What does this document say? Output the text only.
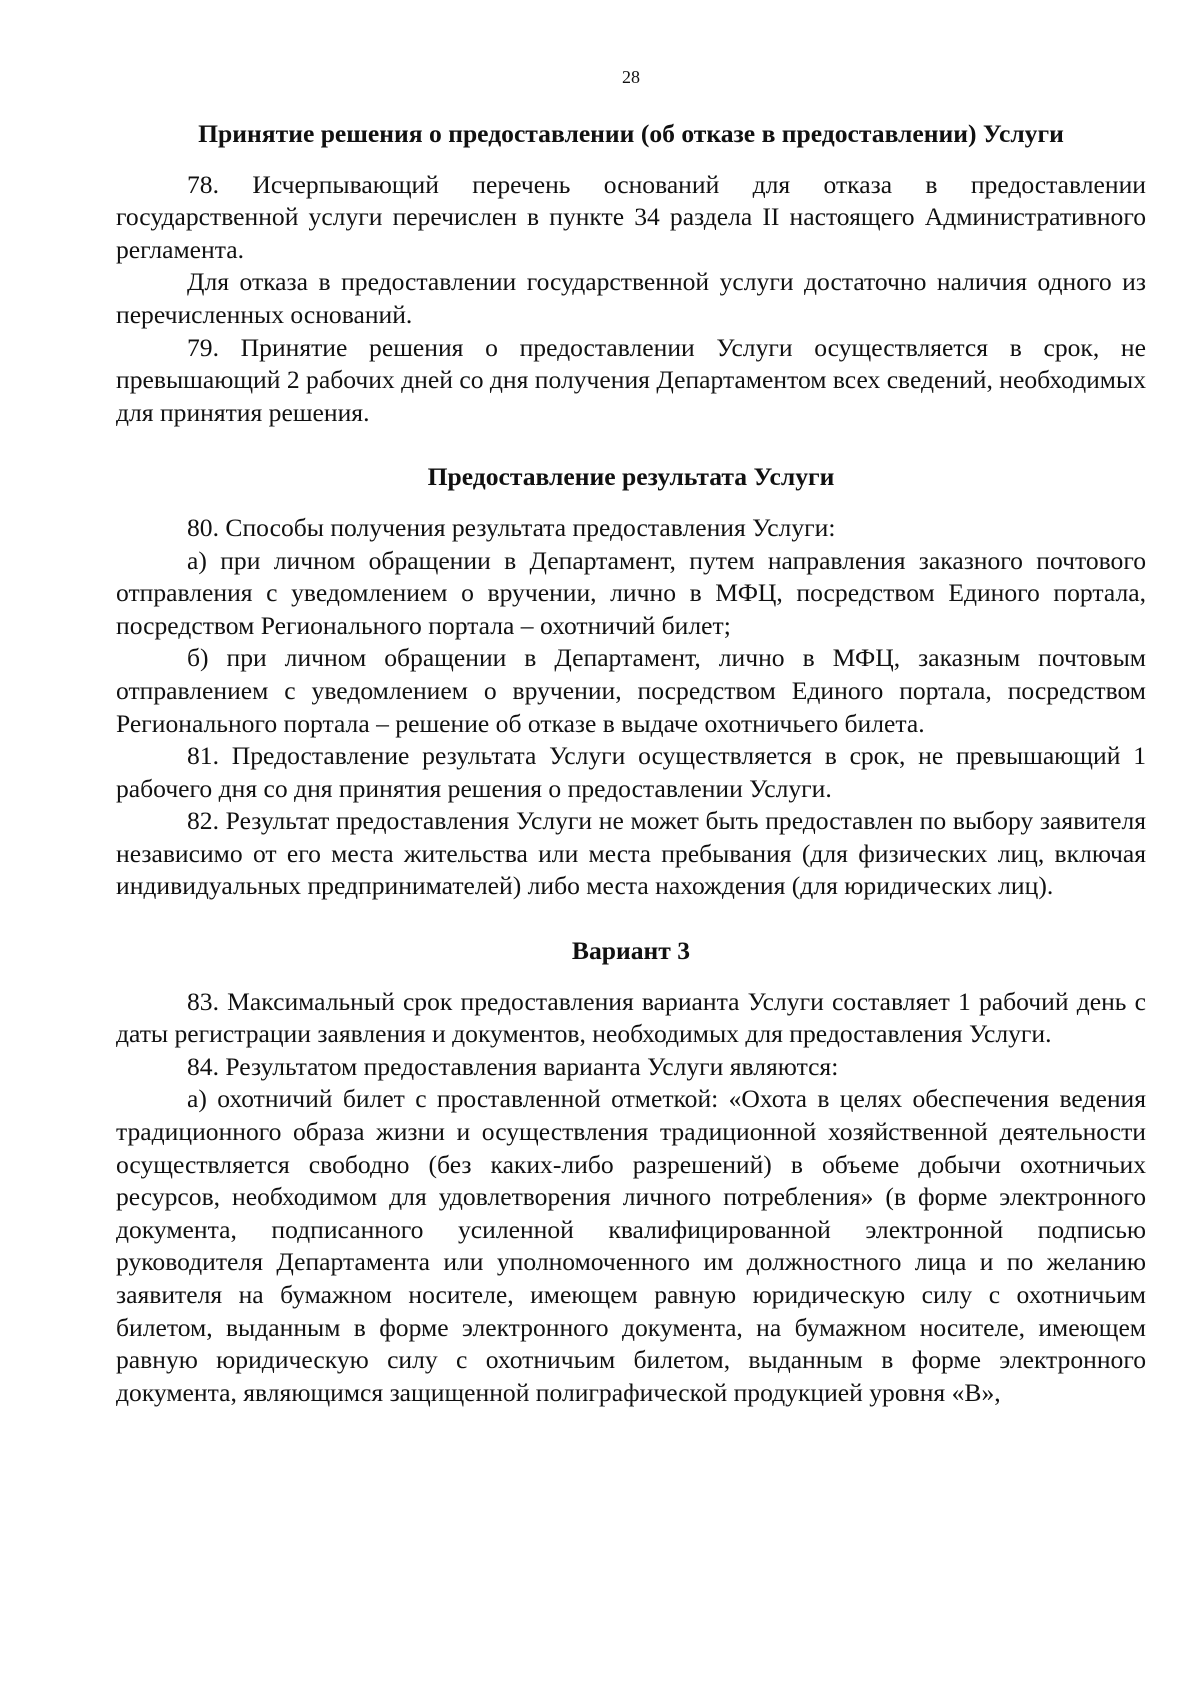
28
Принятие решения о предоставлении (об отказе в предоставлении) Услуги

78. Исчерпывающий перечень оснований для отказа в предоставлении государственной услуги перечислен в пункте 34 раздела II настоящего Административного регламента.

Для отказа в предоставлении государственной услуги достаточно наличия одного из перечисленных оснований.

79. Принятие решения о предоставлении Услуги осуществляется в срок, не превышающий 2 рабочих дней со дня получения Департаментом всех сведений, необходимых для принятия решения.

Предоставление результата Услуги

80. Способы получения результата предоставления Услуги:

а) при личном обращении в Департамент, путем направления заказного почтового отправления с уведомлением о вручении, лично в МФЦ, посредством Единого портала, посредством Регионального портала – охотничий билет;

б) при личном обращении в Департамент, лично в МФЦ, заказным почтовым отправлением с уведомлением о вручении, посредством Единого портала, посредством Регионального портала – решение об отказе в выдаче охотничьего билета.

81. Предоставление результата Услуги осуществляется в срок, не превышающий 1 рабочего дня со дня принятия решения о предоставлении Услуги.

82. Результат предоставления Услуги не может быть предоставлен по выбору заявителя независимо от его места жительства или места пребывания (для физических лиц, включая индивидуальных предпринимателей) либо места нахождения (для юридических лиц).

Вариант 3

83. Максимальный срок предоставления варианта Услуги составляет 1 рабочий день с даты регистрации заявления и документов, необходимых для предоставления Услуги.

84. Результатом предоставления варианта Услуги являются:

а) охотничий билет с проставленной отметкой: «Охота в целях обеспечения ведения традиционного образа жизни и осуществления традиционной хозяйственной деятельности осуществляется свободно (без каких-либо разрешений) в объеме добычи охотничьих ресурсов, необходимом для удовлетворения личного потребления» (в форме электронного документа, подписанного усиленной квалифицированной электронной подписью руководителя Департамента или уполномоченного им должностного лица и по желанию заявителя на бумажном носителе, имеющем равную юридическую силу с охотничьим билетом, выданным в форме электронного документа, на бумажном носителе, имеющем равную юридическую силу с охотничьим билетом, выданным в форме электронного документа, являющимся защищенной полиграфической продукцией уровня «В»,
